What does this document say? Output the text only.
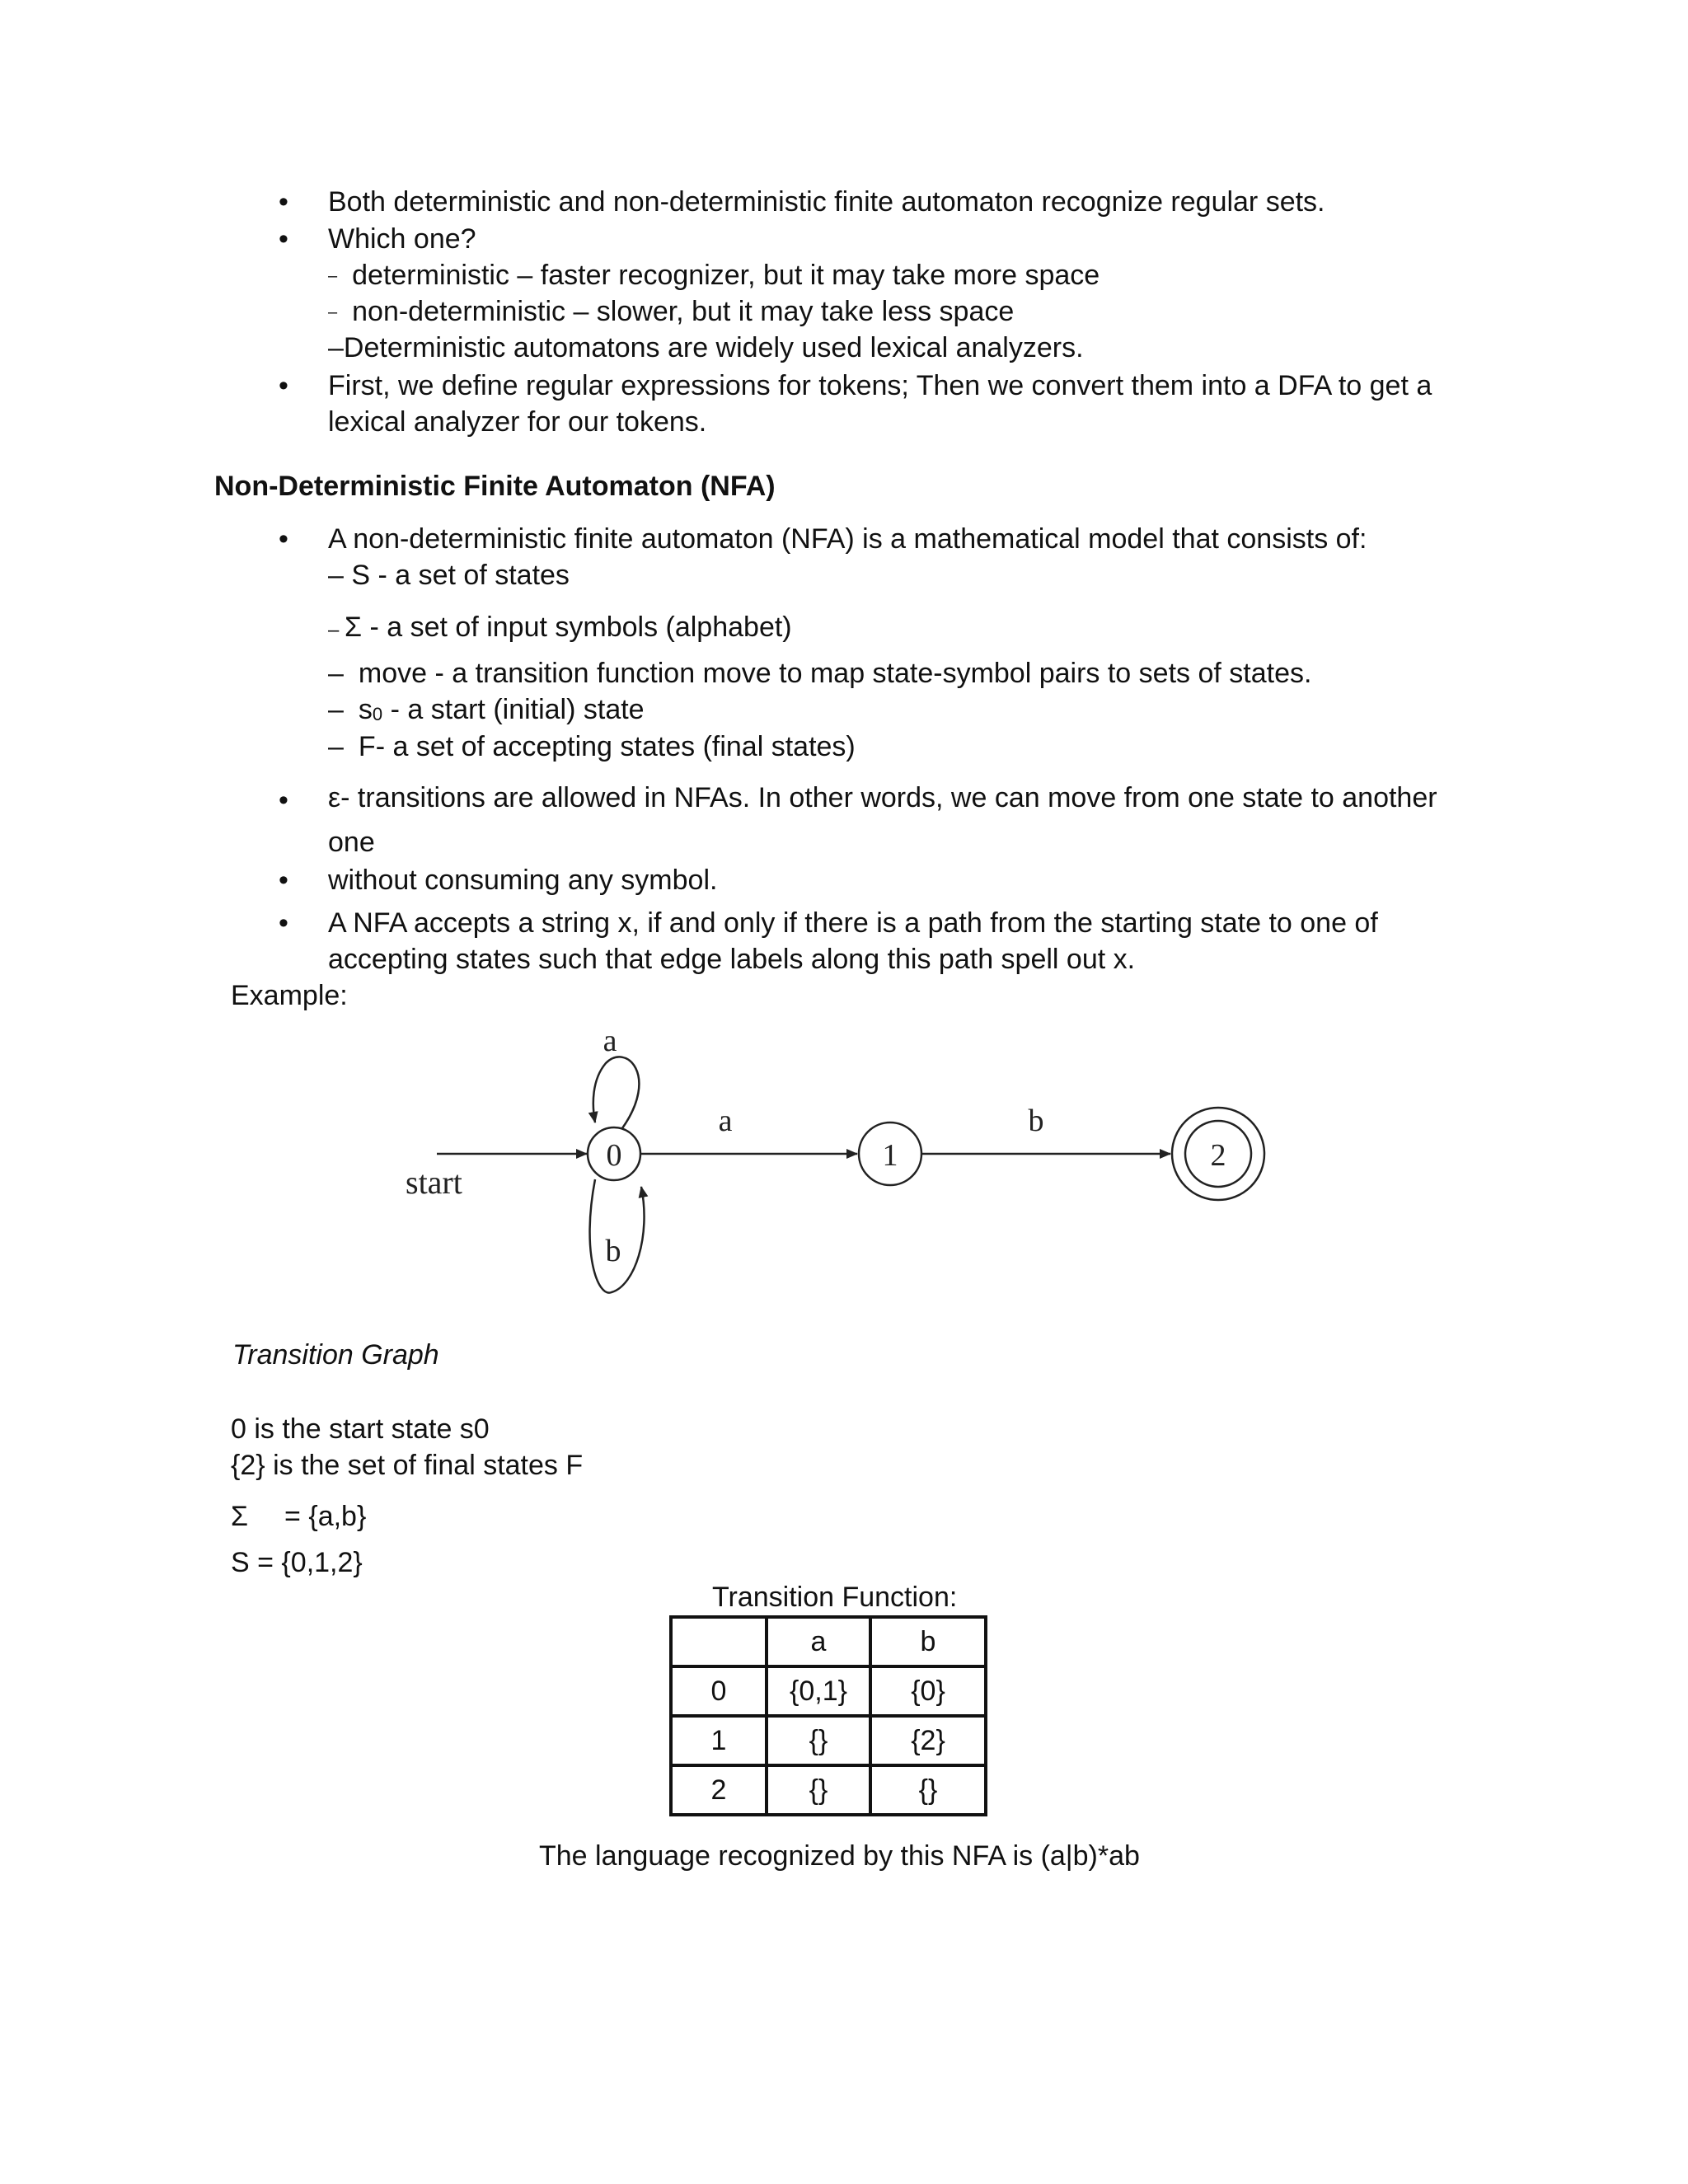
• Both deterministic and non-deterministic finite automaton recognize regular sets.
• Which one?
– deterministic – faster recognizer, but it may take more space
– non-deterministic – slower, but it may take less space
–Deterministic automatons are widely used lexical analyzers.
• First, we define regular expressions for tokens; Then we convert them into a DFA to get a
lexical analyzer for our tokens.
Non-Deterministic Finite Automaton (NFA)
• A non-deterministic finite automaton (NFA) is a mathematical model that consists of:
– S - a set of states
– Σ - a set of input symbols (alphabet)
– move - a transition function move to map state-symbol pairs to sets of states.
– s0 - a start (initial) state
– F- a set of accepting states (final states)
• ε- transitions are allowed in NFAs. In other words, we can move from one state to another
one
• without consuming any symbol.
• A NFA accepts a string x, if and only if there is a path from the starting state to one of
accepting states such that edge labels along this path spell out x.
Example:
start
0
a
b
a
1
b
2
Transition Graph
0 is the start state s0
{2} is the set of final states F
Σ = {a,b}
S = {0,1,2}
Transition Function:
	a	b
0	{0,1}	{0}
1	{}	{2}
2	{}	{}
The language recognized by this NFA is (a|b)*ab
